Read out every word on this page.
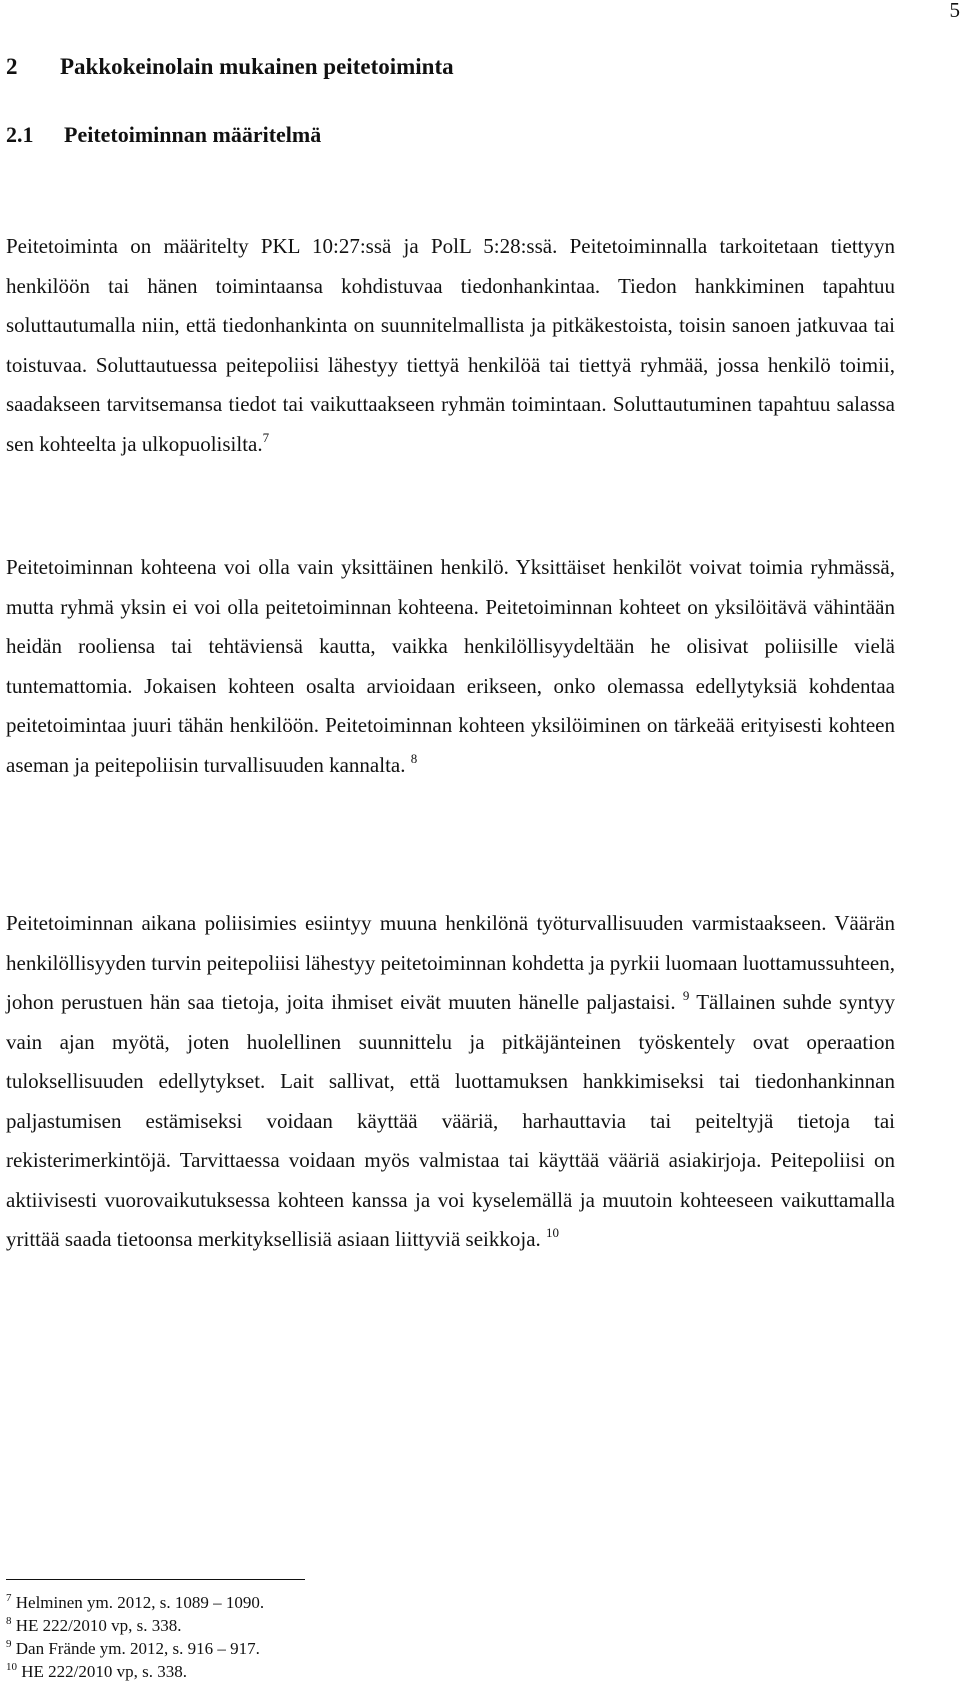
5
2 Pakkokeinolain mukainen peitetoiminta
2.1 Peitetoiminnan määritelmä

Peitetoiminta on määritelty PKL 10:27:ssä ja PolL 5:28:ssä. Peitetoiminnalla tarkoitetaan tiettyyn henkilöön tai hänen toimintaansa kohdistuvaa tiedonhankintaa. Tiedon hankkiminen tapahtuu soluttautumalla niin, että tiedonhankinta on suunnitelmallista ja pitkäkestoista, toisin sanoen jatkuvaa tai toistuvaa. Soluttautuessa peitepoliisi lähestyy tiettyä henkilöä tai tiettyä ryhmää, jossa henkilö toimii, saadakseen tarvitsemansa tiedot tai vaikuttaakseen ryhmän toimintaan. Soluttautuminen tapahtuu salassa sen kohteelta ja ulkopuolisilta.$^7$

Peitetoiminnan kohteena voi olla vain yksittäinen henkilö. Yksittäiset henkilöt voivat toimia ryhmässä, mutta ryhmä yksin ei voi olla peitetoiminnan kohteena. Peitetoiminnan kohteet on yksilöitävä vähintään heidän rooliensa tai tehtäviensä kautta, vaikka henkilöllisyydeltään he olisivat poliisille vielä tuntemattomia. Jokaisen kohteen osalta arvioidaan erikseen, onko olemassa edellytyksiä kohdentaa peitetoimintaa juuri tähän henkilöön. Peitetoiminnan kohteen yksilöiminen on tärkeää erityisesti kohteen aseman ja peitepoliisin turvallisuuden kannalta. $^8$

Peitetoiminnan aikana poliisimies esiintyy muuna henkilönä työturvallisuuden varmistaakseen. Väärän henkilöllisyyden turvin peitepoliisi lähestyy peitetoiminnan kohdetta ja pyrkii luomaan luottamussuhteen, johon perustuen hän saa tietoja, joita ihmiset eivät muuten hänelle paljastaisi. $^9$ Tällainen suhde syntyy vain ajan myötä, joten huolellinen suunnittelu ja pitkäjänteinen työskentely ovat operaation tuloksellisuuden edellytykset. Lait sallivat, että luottamuksen hankkimiseksi tai tiedonhankinnan paljastumisen estämiseksi voidaan käyttää vääriä, harhauttavia tai peiteltyjä tietoja tai rekisterimerkintöjä. Tarvittaessa voidaan myös valmistaa tai käyttää vääriä asiakirjoja. Peitepoliisi on aktiivisesti vuorovaikutuksessa kohteen kanssa ja voi kyselemällä ja muutoin kohteeseen vaikuttamalla yrittää saada tietoonsa merkityksellisiä asiaan liittyviä seikkoja. $^{10}$

$^7$ Helminen ym. 2012, s. 1089 – 1090.
$^8$ HE 222/2010 vp, s. 338.
$^9$ Dan Frände ym. 2012, s. 916 – 917.
$^{10}$ HE 222/2010 vp, s. 338.
